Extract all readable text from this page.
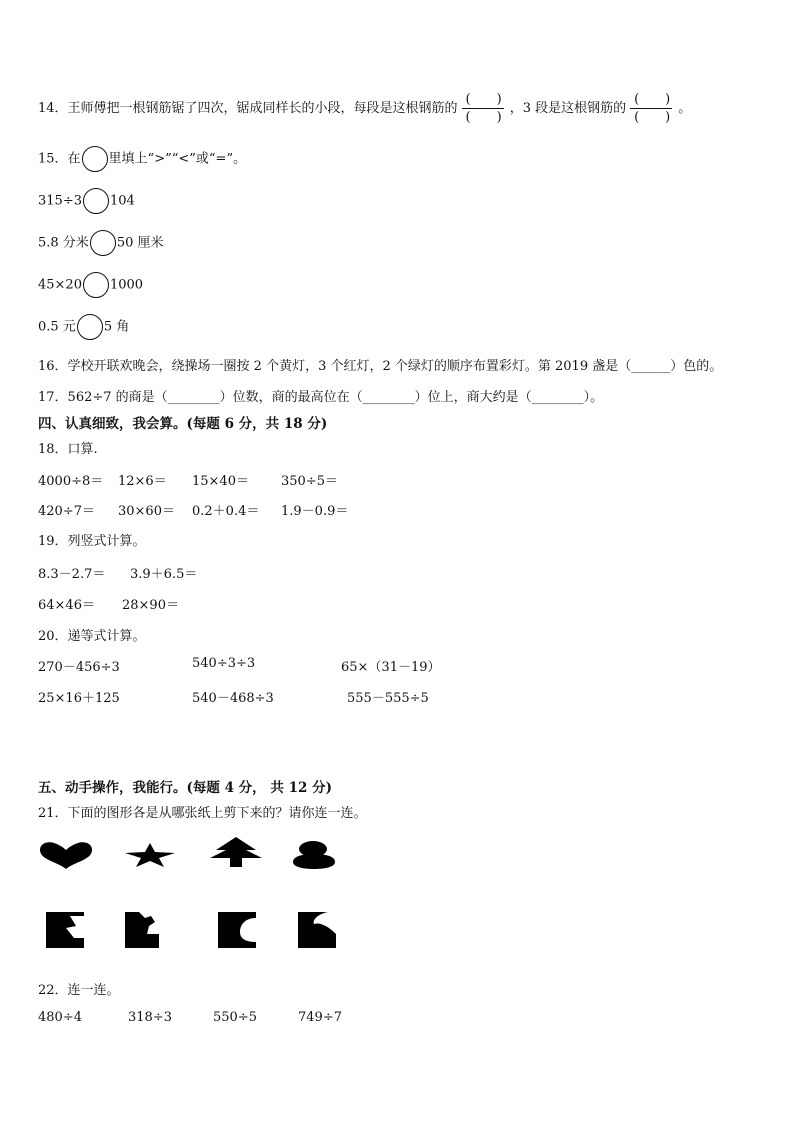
14．王师傅把一根钢筋锯了四次，锯成同样长的小段，每段是这根钢筋的 $\frac{( )}{( )}$ ，3 段是这根钢筋的 $\frac{( )}{( )}$ 。
15．在 里填上“>”“<”或“=”。
315÷3 104
5.8 分米 50 厘米
45×20 1000
0.5 元 5 角
16．学校开联欢晚会，绕操场一圈按 2 个黄灯，3 个红灯，2 个绿灯的顺序布置彩灯。第 2019 盏是（______）色的。
17．562÷7 的商是（________）位数，商的最高位在（________）位上，商大约是（________）。
四、认真细致，我会算。(每题 6 分，共 18 分)
18．口算.
4000÷8＝ 12×6＝ 15×40＝ 350÷5＝
420÷7＝ 30×60＝ 0.2＋0.4＝ 1.9－0.9＝
19．列竖式计算。
8.3－2.7＝ 3.9＋6.5＝
64×46＝ 28×90＝
20．递等式计算。
270－456÷3	540÷3÷3	65×（31－19）
25×16＋125	540－468÷3	555－555÷5
五、动手操作，我能行。(每题 4 分， 共 12 分)
21．下面的图形各是从哪张纸上剪下来的？请你连一连。
22．连一连。
480÷4	318÷3	550÷5	749÷7
